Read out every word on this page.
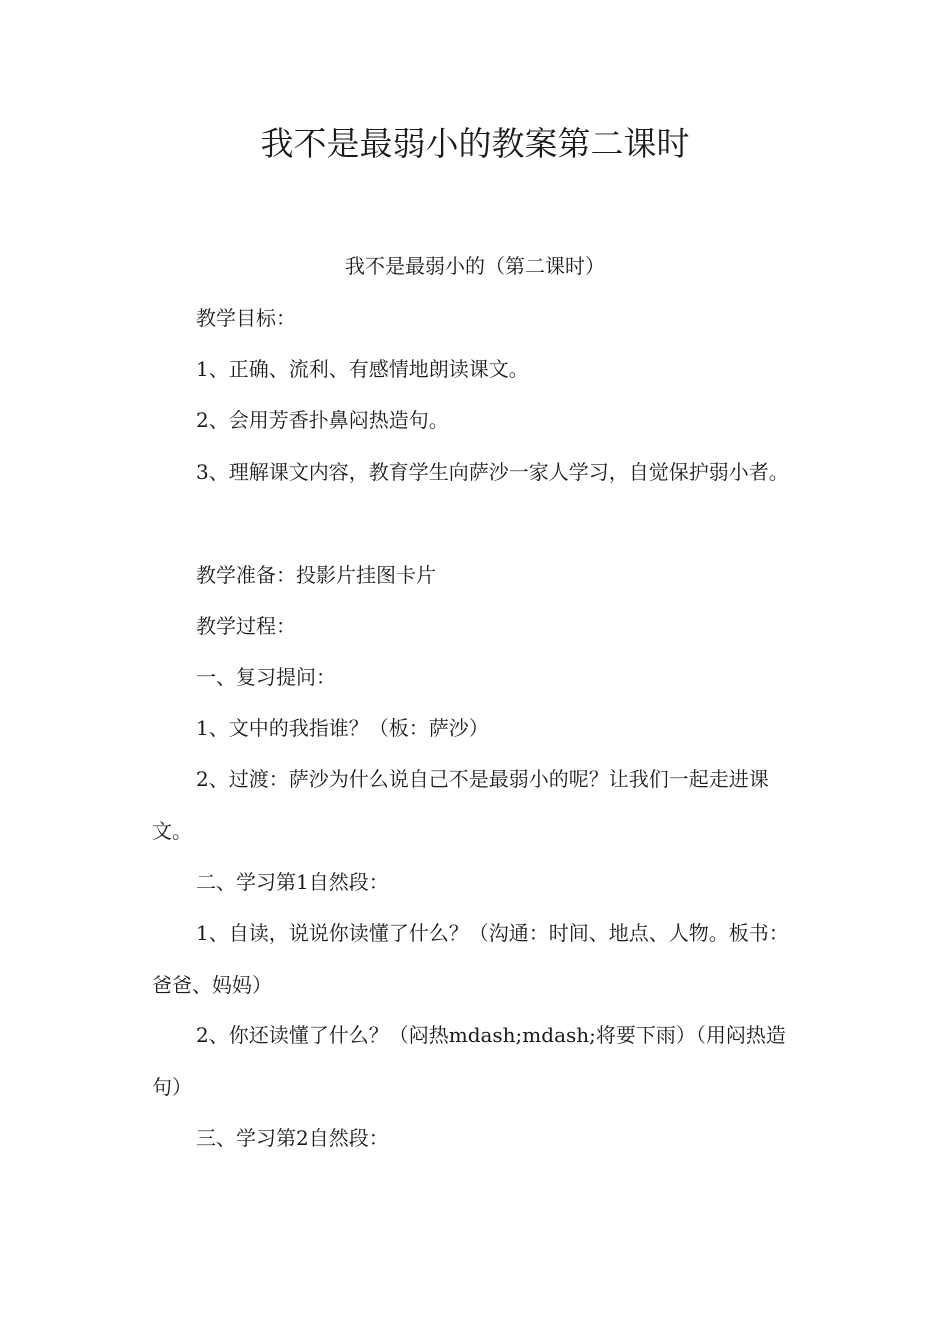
我不是最弱小的教案第二课时
我不是最弱小的（第二课时）

教学目标：

1、正确、流利、有感情地朗读课文。

2、会用芳香扑鼻闷热造句。

3、理解课文内容，教育学生向萨沙一家人学习，自觉保护弱小者。

教学准备：投影片挂图卡片

教学过程：

一、复习提问：

1、文中的我指谁？（板：萨沙）

2、过渡：萨沙为什么说自己不是最弱小的呢？让我们一起走进课文。

二、学习第1自然段：

1、自读，说说你读懂了什么？（沟通：时间、地点、人物。板书：爸爸、妈妈）

2、你还读懂了什么？（闷热mdash;mdash;将要下雨）（用闷热造句）

三、学习第2自然段：
